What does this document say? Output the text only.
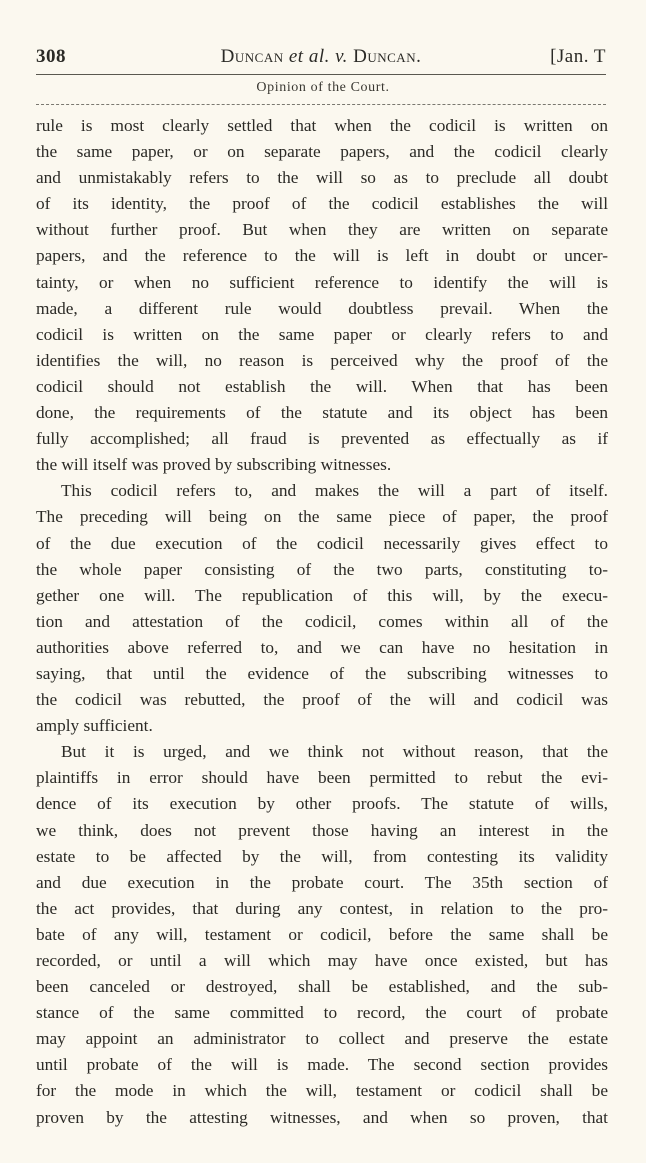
308	Duncan et al. v. Duncan.	[Jan. T
Opinion of the Court.
rule is most clearly settled that when the codicil is written on
the same paper, or on separate papers, and the codicil clearly
and unmistakably refers to the will so as to preclude all doubt
of its identity, the proof of the codicil establishes the will
without further proof. But when they are written on separate
papers, and the reference to the will is left in doubt or uncer-
tainty, or when no sufficient reference to identify the will is
made, a different rule would doubtless prevail. When the
codicil is written on the same paper or clearly refers to and
identifies the will, no reason is perceived why the proof of the
codicil should not establish the will. When that has been
done, the requirements of the statute and its object has been
fully accomplished; all fraud is prevented as effectually as if
the will itself was proved by subscribing witnesses.
This codicil refers to, and makes the will a part of itself.
The preceding will being on the same piece of paper, the proof
of the due execution of the codicil necessarily gives effect to
the whole paper consisting of the two parts, constituting to-
gether one will. The republication of this will, by the execu-
tion and attestation of the codicil, comes within all of the
authorities above referred to, and we can have no hesitation in
saying, that until the evidence of the subscribing witnesses to
the codicil was rebutted, the proof of the will and codicil was
amply sufficient.
But it is urged, and we think not without reason, that the
plaintiffs in error should have been permitted to rebut the evi-
dence of its execution by other proofs. The statute of wills,
we think, does not prevent those having an interest in the
estate to be affected by the will, from contesting its validity
and due execution in the probate court. The 35th section of
the act provides, that during any contest, in relation to the pro-
bate of any will, testament or codicil, before the same shall be
recorded, or until a will which may have once existed, but has
been canceled or destroyed, shall be established, and the sub-
stance of the same committed to record, the court of probate
may appoint an administrator to collect and preserve the estate
until probate of the will is made. The second section provides
for the mode in which the will, testament or codicil shall be
proven by the attesting witnesses, and when so proven, that
